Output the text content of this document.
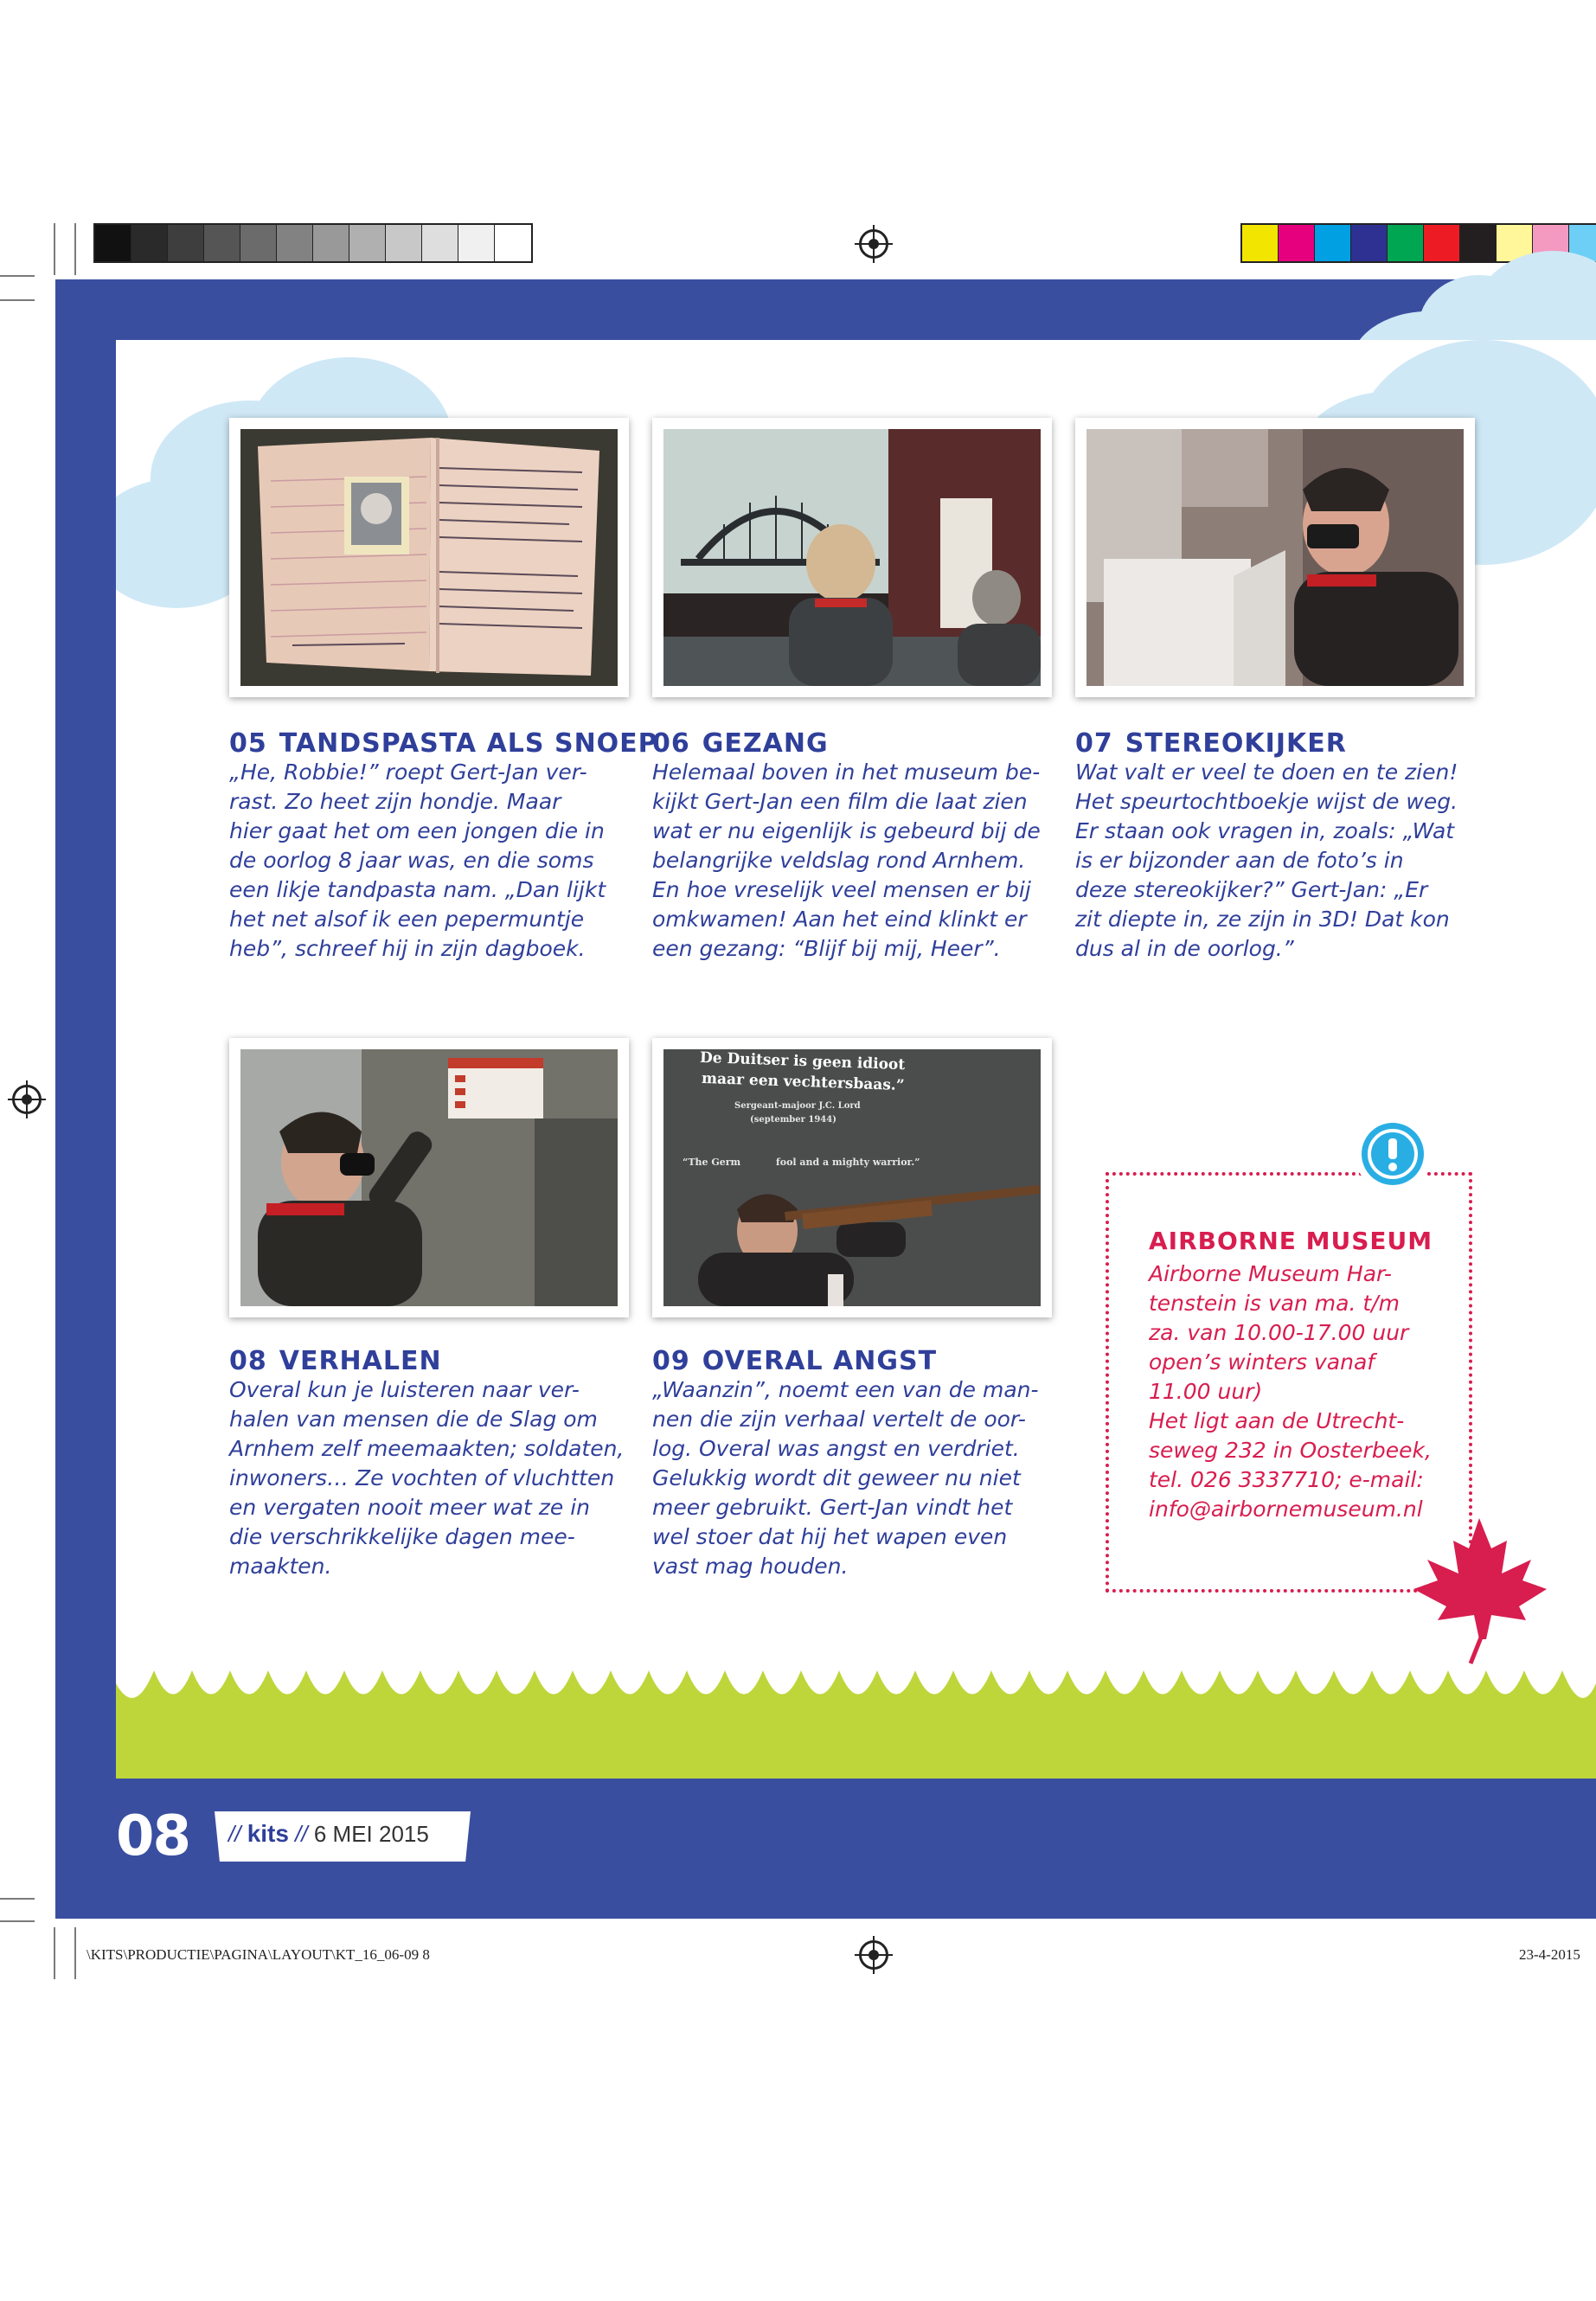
De Duitser is geen idioot
maar een vechtersbaas.”
Sergeant-majoor J.C. Lord
(september 1944)
“The Germ	fool and a mighty warrior.”
05 TANDSPASTA ALS SNOEP
„He, Robbie!” roept Gert-Jan ver-
rast. Zo heet zijn hondje. Maar
hier gaat het om een jongen die in
de oorlog 8 jaar was, en die soms
een likje tandpasta nam. „Dan lijkt
het net alsof ik een pepermuntje
heb”, schreef hij in zijn dagboek.
06 GEZANG
Helemaal boven in het museum be-
kijkt Gert-Jan een film die laat zien
wat er nu eigenlijk is gebeurd bij de
belangrijke veldslag rond Arnhem.
En hoe vreselijk veel mensen er bij
omkwamen! Aan het eind klinkt er
een gezang: “Blijf bij mij, Heer”.
07 STEREOKIJKER
Wat valt er veel te doen en te zien!
Het speurtochtboekje wijst de weg.
Er staan ook vragen in, zoals: „Wat
is er bijzonder aan de foto’s in
deze stereokijker?” Gert-Jan: „Er
zit diepte in, ze zijn in 3D! Dat kon
dus al in de oorlog.”
08 VERHALEN
Overal kun je luisteren naar ver-
halen van mensen die de Slag om
Arnhem zelf meemaakten; soldaten,
inwoners… Ze vochten of vluchtten
en vergaten nooit meer wat ze in
die verschrikkelijke dagen mee-
maakten.
09 OVERAL ANGST
„Waanzin”, noemt een van de man-
nen die zijn verhaal vertelt de oor-
log. Overal was angst en verdriet.
Gelukkig wordt dit geweer nu niet
meer gebruikt. Gert-Jan vindt het
wel stoer dat hij het wapen even
vast mag houden.
AIRBORNE MUSEUM
Airborne Museum Har-
tenstein is van ma. t/m
za. van 10.00-17.00 uur
open’s winters vanaf
11.00 uur)
Het ligt aan de Utrecht-
seweg 232 in Oosterbeek,
tel. 026 3337710; e-mail:
info@airbornemuseum.nl
08 // kits // 6 MEI 2015
\KITS\PRODUCTIE\PAGINA\LAYOUT\KT_16_06-09 8	23-4-2015
